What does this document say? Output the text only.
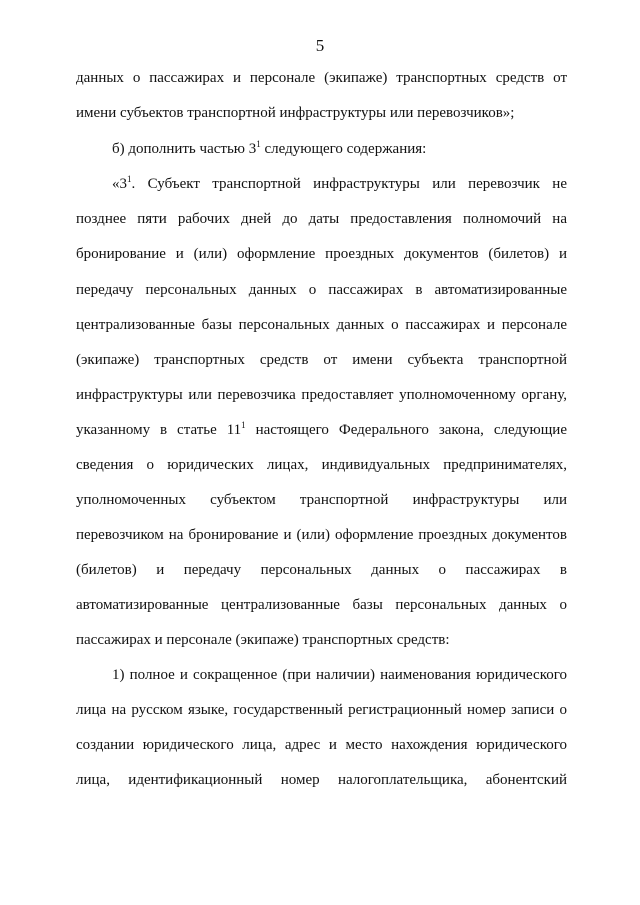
5
данных о пассажирах и персонале (экипаже) транспортных средств от
имени субъектов транспортной инфраструктуры или перевозчиков»;
б) дополнить частью $3^1$ следующего содержания:
«$3^1$. Субъект транспортной инфраструктуры или перевозчик не
позднее пяти рабочих дней до даты предоставления полномочий на
бронирование и (или) оформление проездных документов (билетов) и
передачу персональных данных о пассажирах в автоматизированные
централизованные базы персональных данных о пассажирах и персонале
(экипаже) транспортных средств от имени субъекта транспортной
инфраструктуры или перевозчика предоставляет уполномоченному органу,
указанному в статье $11^1$ настоящего Федерального закона, следующие
сведения о юридических лицах, индивидуальных предпринимателях,
уполномоченных субъектом транспортной инфраструктуры или
перевозчиком на бронирование и (или) оформление проездных документов
(билетов) и передачу персональных данных о пассажирах в
автоматизированные централизованные базы персональных данных о
пассажирах и персонале (экипаже) транспортных средств:
1) полное и сокращенное (при наличии) наименования юридического
лица на русском языке, государственный регистрационный номер записи о
создании юридического лица, адрес и место нахождения юридического
лица, идентификационный номер налогоплательщика, абонентский
